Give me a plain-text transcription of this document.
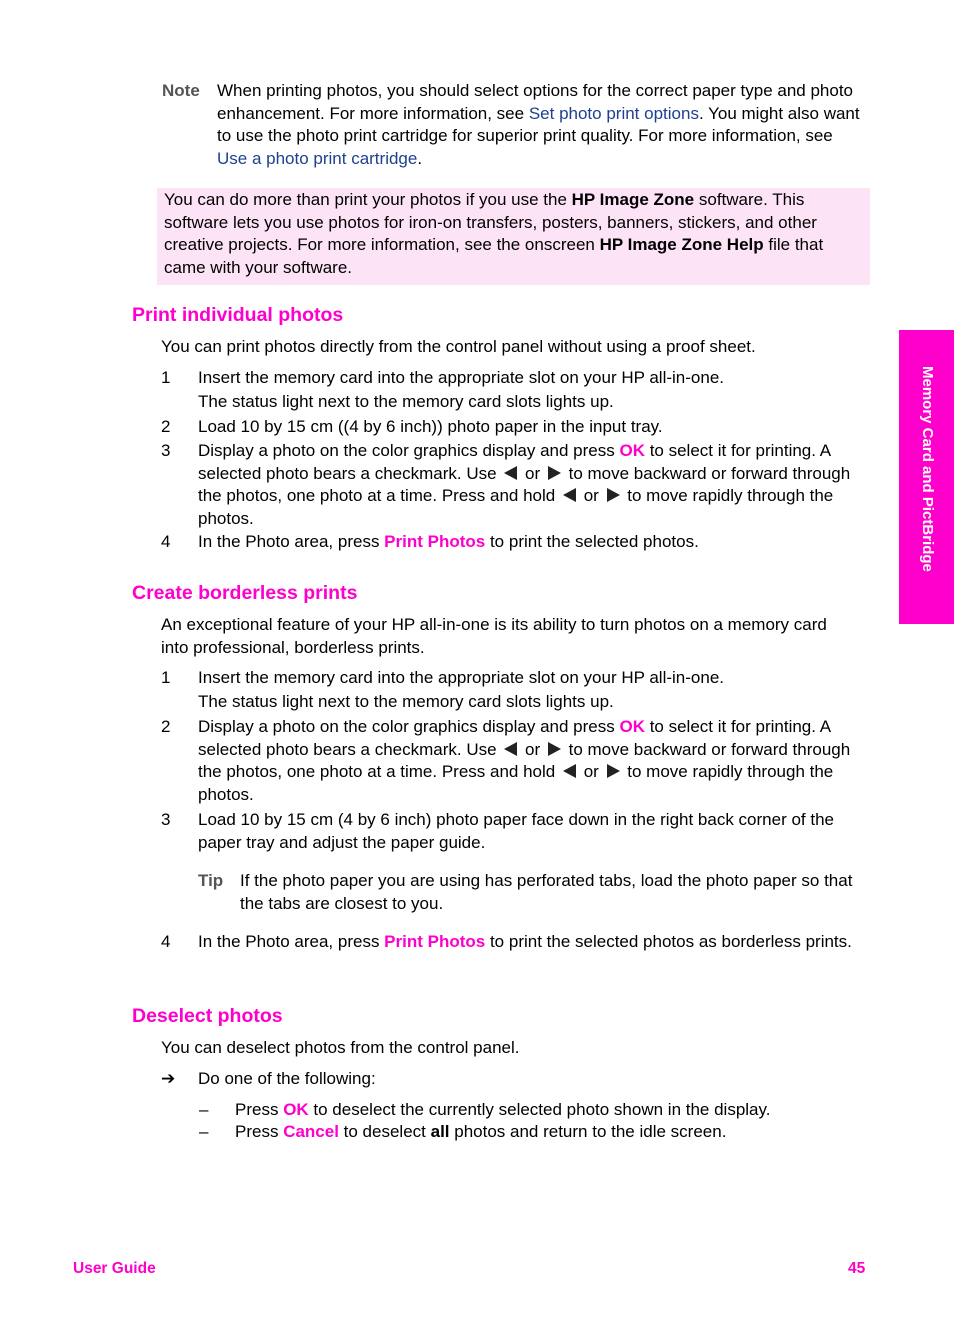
Note When printing photos, you should select options for the correct paper type and photo enhancement. For more information, see Set photo print options. You might also want to use the photo print cartridge for superior print quality. For more information, see Use a photo print cartridge.
You can do more than print your photos if you use the HP Image Zone software. This software lets you use photos for iron-on transfers, posters, banners, stickers, and other creative projects. For more information, see the onscreen HP Image Zone Help file that came with your software.
Memory Card and PictBridge
Print individual photos
You can print photos directly from the control panel without using a proof sheet.
1	Insert the memory card into the appropriate slot on your HP all-in-one.
The status light next to the memory card slots lights up.
2	Load 10 by 15 cm ((4 by 6 inch)) photo paper in the input tray.
3	Display a photo on the color graphics display and press OK to select it for printing. A selected photo bears a checkmark. Use  or  to move backward or forward through the photos, one photo at a time. Press and hold  or  to move rapidly through the photos.
4	In the Photo area, press Print Photos to print the selected photos.
Create borderless prints
An exceptional feature of your HP all-in-one is its ability to turn photos on a memory card into professional, borderless prints.
1	Insert the memory card into the appropriate slot on your HP all-in-one.
The status light next to the memory card slots lights up.
2	Display a photo on the color graphics display and press OK to select it for printing. A selected photo bears a checkmark. Use  or  to move backward or forward through the photos, one photo at a time. Press and hold  or  to move rapidly through the photos.
3	Load 10 by 15 cm (4 by 6 inch) photo paper face down in the right back corner of the paper tray and adjust the paper guide.
Tip If the photo paper you are using has perforated tabs, load the photo paper so that the tabs are closest to you.
4	In the Photo area, press Print Photos to print the selected photos as borderless prints.
Deselect photos
You can deselect photos from the control panel.
➔ Do one of the following:
– Press OK to deselect the currently selected photo shown in the display.
– Press Cancel to deselect all photos and return to the idle screen.
User Guide	45
